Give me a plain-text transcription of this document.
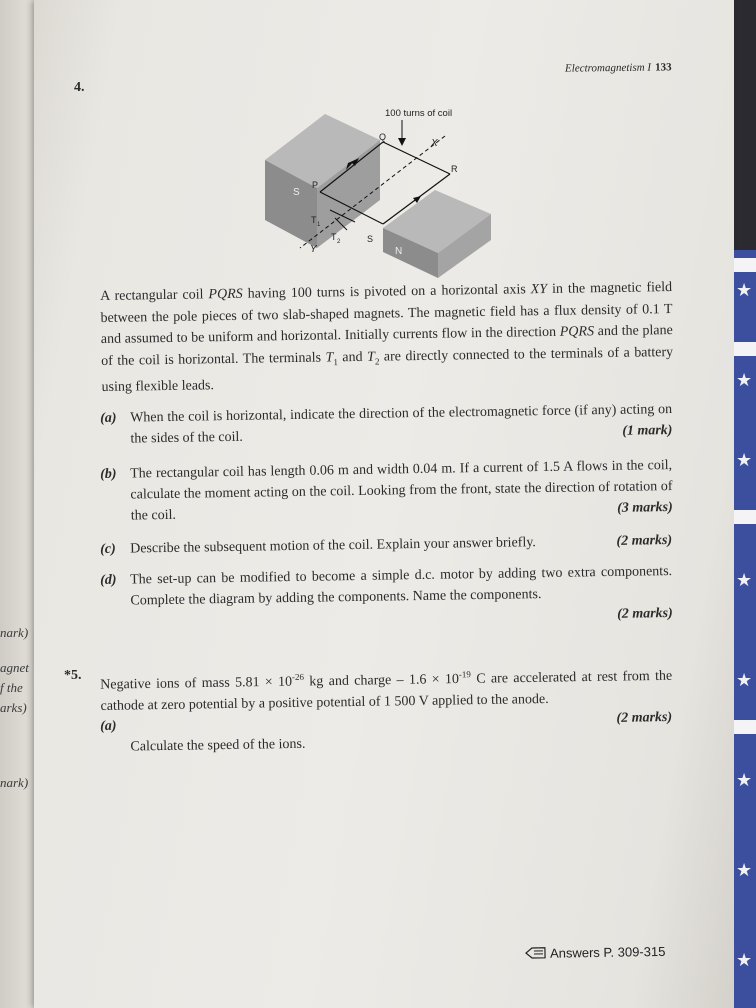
nark)
agnet
f the
arks)
nark)
★
★
★
★
★
★
★
★
Electromagnetism I 133
4.
100 turns of coil
Q
X
R
P
S
S
N
T 1
T 2
Y
A rectangular coil PQRS having 100 turns is pivoted on a horizontal axis XY in the magnetic field between the pole pieces of two slab-shaped magnets. The magnetic field has a flux density of 0.1 T and assumed to be uniform and horizontal. Initially currents flow in the direction PQRS and the plane of the coil is horizontal. The terminals $T_1$ and $T_2$ are directly connected to the terminals of a battery using flexible leads.
(a) When the coil is horizontal, indicate the direction of the electromagnetic force (if any) acting on the sides of the coil.	(1 mark)
(b) The rectangular coil has length 0.06 m and width 0.04 m. If a current of 1.5 A flows in the coil, calculate the moment acting on the coil. Looking from the front, state the direction of rotation of the coil.	(3 marks)
(c) Describe the subsequent motion of the coil. Explain your answer briefly.	(2 marks)
(d) The set-up can be modified to become a simple d.c. motor by adding two extra components. Complete the diagram by adding the components. Name the components.

(2 marks)
*5. Negative ions of mass $5.81 \times 10^{-26}$ kg and charge – $1.6 \times 10^{-19}$ C are accelerated at rest from the cathode at zero potential by a positive potential of 1 500 V applied to the anode.
(a)
(2 marks)

Calculate the speed of the ions.
Answers P. 309-315
